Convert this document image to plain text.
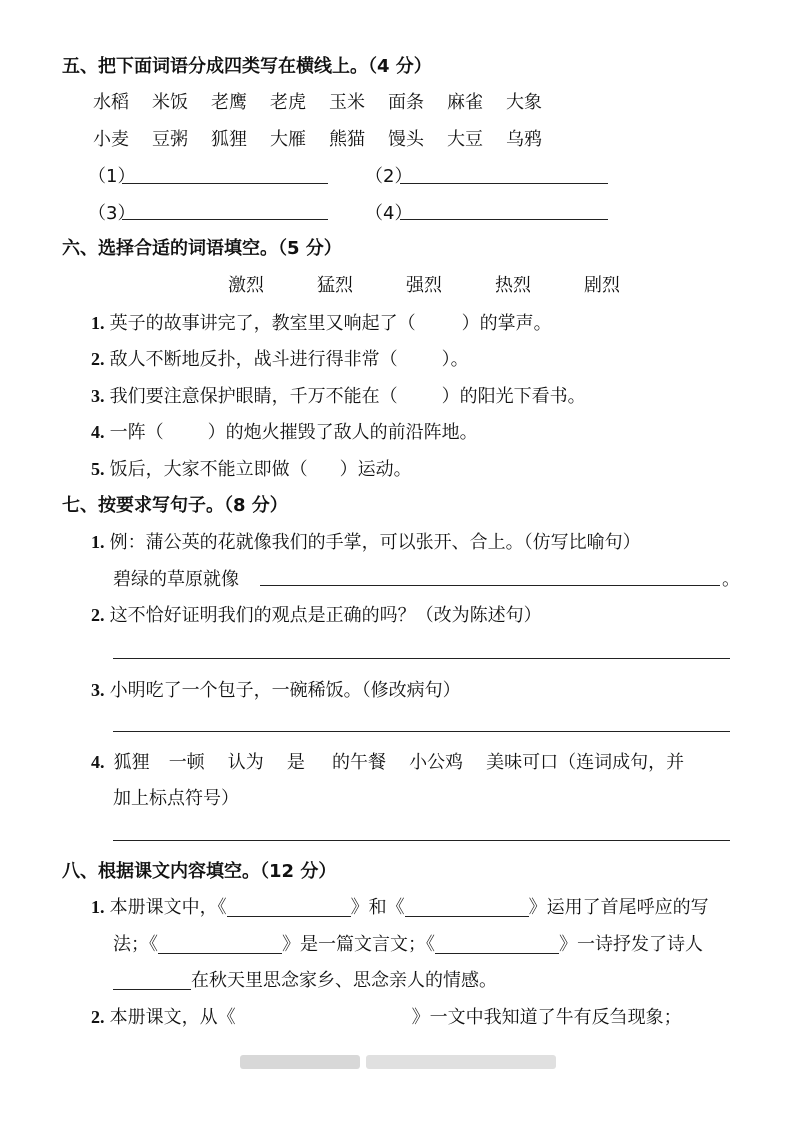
五、把下面词语分成四类写在横线上。（4 分）
水稻 米饭 老鹰 老虎 玉米 面条 麻雀 大象
小麦 豆粥 狐狸 大雁 熊猫 馒头 大豆 乌鸦
（1）	（2）
（3）	（4）
六、选择合适的词语填空。（5 分）
激烈	猛烈	强烈	热烈	剧烈
1. 英子的故事讲完了，教室里又响起了（	）的掌声。
2. 敌人不断地反扑，战斗进行得非常（ ）。
3. 我们要注意保护眼睛，千万不能在（ ）的阳光下看书。
4. 一阵（ ）的炮火摧毁了敌人的前沿阵地。
5. 饭后，大家不能立即做（ ）运动。
七、按要求写句子。（8 分）
1. 例：蒲公英的花就像我们的手掌，可以张开、合上。（仿写比喻句）
碧绿的草原就像	。
2. 这不恰好证明我们的观点是正确的吗？（改为陈述句）
3. 小明吃了一个包子，一碗稀饭。（修改病句）
4. 狐狸 一顿 认为 是 的午餐 小公鸡 美味可口（连词成句，并
加上标点符号）
八、根据课文内容填空。（12 分）
1. 本册课文中，《	》和《	》运用了首尾呼应的写
法；《	》是一篇文言文；《	》一诗抒发了诗人
在秋天里思念家乡、思念亲人的情感。
2. 本册课文，从《	》一文中我知道了牛有反刍现象；
